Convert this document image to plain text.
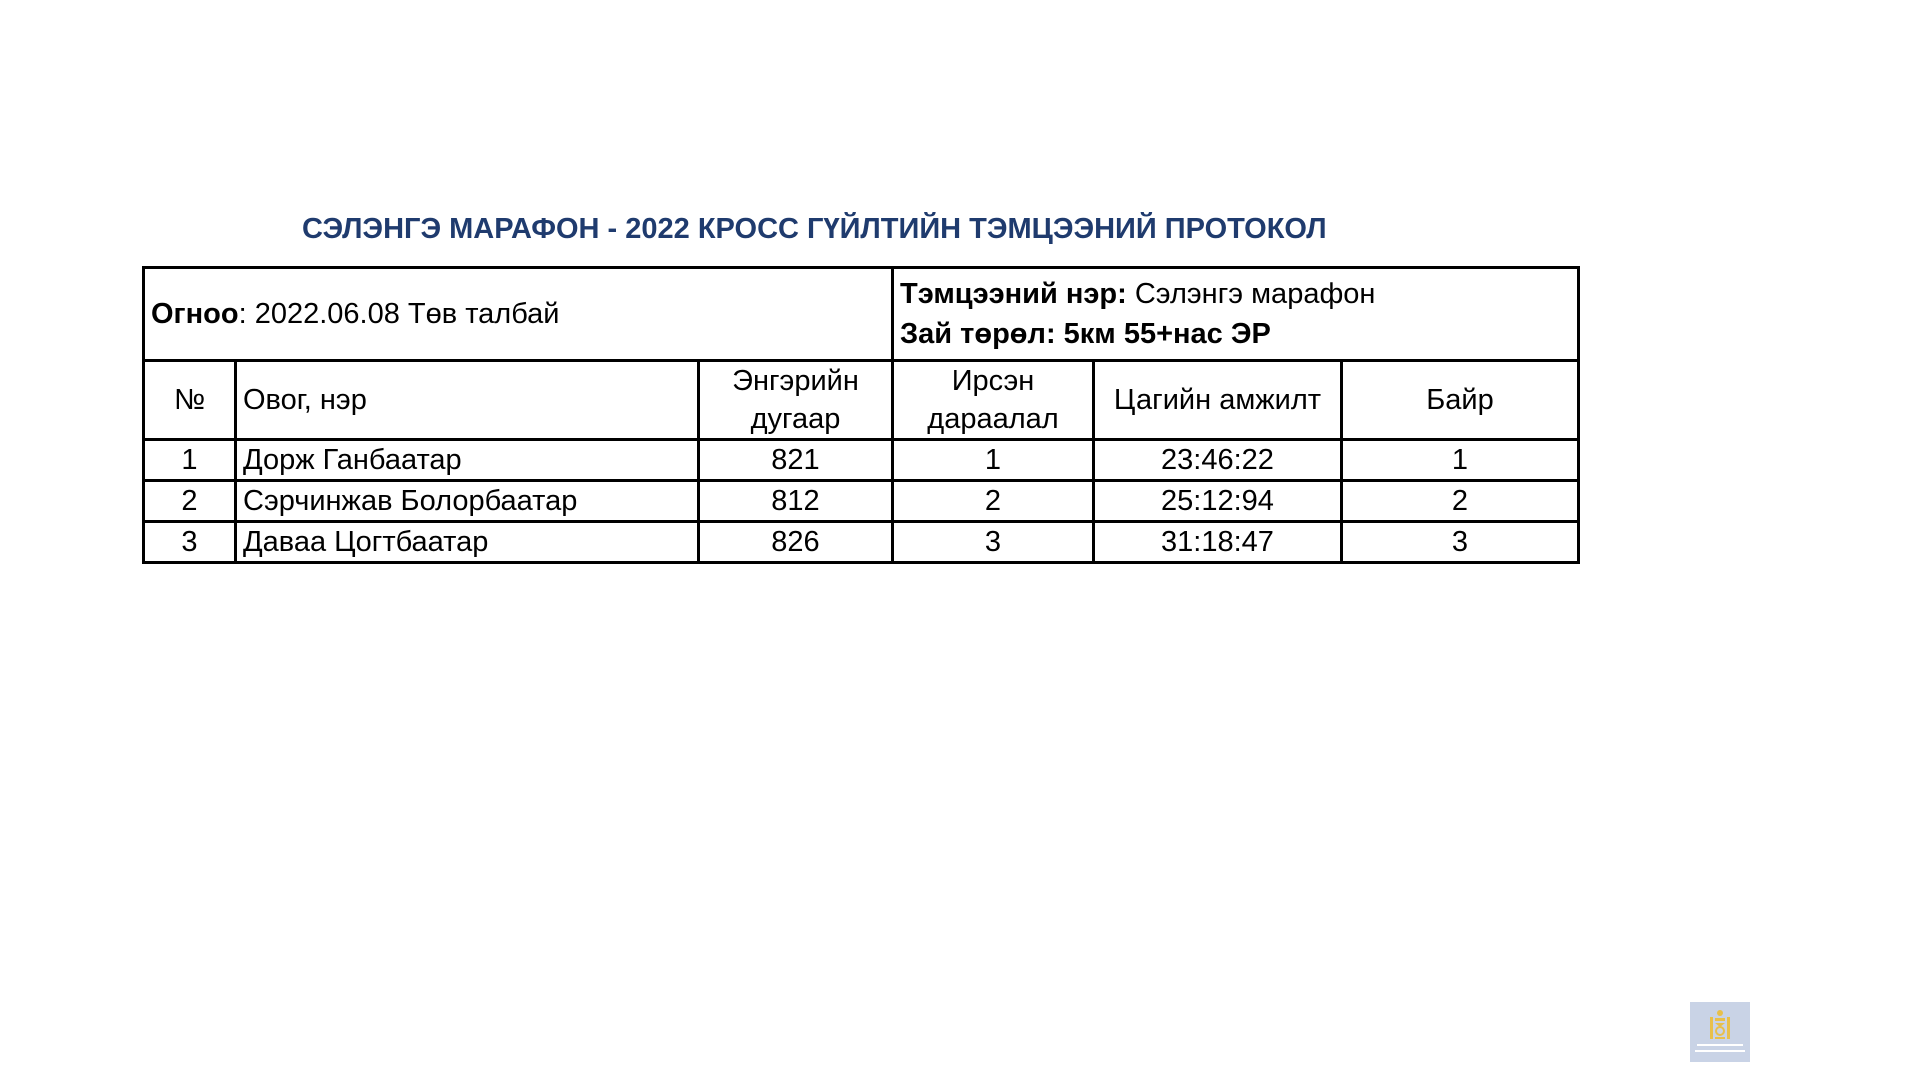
СЭЛЭНГЭ МАРАФОН - 2022 КРОСС ГҮЙЛТИЙН ТЭМЦЭЭНИЙ ПРОТОКОЛ
Огноо: 2022.06.08 Төв талбай			Тэмцээний нэр: Сэлэнгэ марафон
Зай төрөл: 5км 55+нас ЭР		

№	Овог, нэр	Энгэрийн дугаар	Ирсэн дараалал	Цагийн амжилт	Байр
1	Дорж Ганбаатар	821	1	23:46:22	1
2	Сэрчинжав Болорбаатар	812	2	25:12:94	2
3	Даваа Цогтбаатар	826	3	31:18:47	3
